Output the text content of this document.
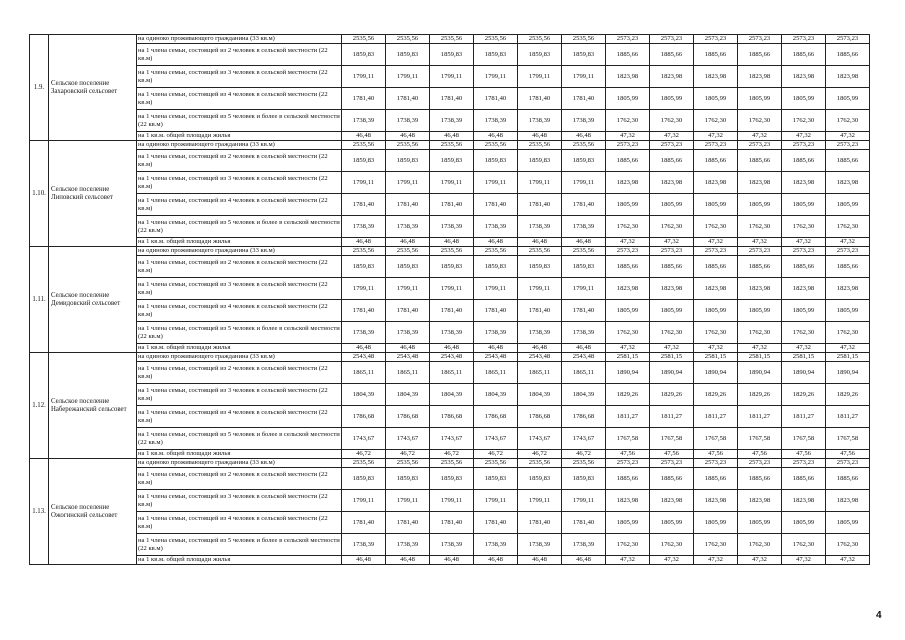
1.9.	Сельское поселение Захаровский сельсовет	на одиноко проживающего гражданина (33 кв.м)	2535,56	2535,56	2535,56	2535,56	2535,56	2535,56	2573,23	2573,23	2573,23	2573,23	2573,23	2573,23
		на 1 члена семьи, состоящей из 2 человек в сельской местности (22 кв.м)	1859,83	1859,83	1859,83	1859,83	1859,83	1859,83	1885,66	1885,66	1885,66	1885,66	1885,66	1885,66
		на 1 члена семьи, состоящей из 3 человек в сельской местности (22 кв.м)	1799,11	1799,11	1799,11	1799,11	1799,11	1799,11	1823,98	1823,98	1823,98	1823,98	1823,98	1823,98
		на 1 члена семьи, состоящей из 4 человек в сельской местности (22 кв.м)	1781,40	1781,40	1781,40	1781,40	1781,40	1781,40	1805,99	1805,99	1805,99	1805,99	1805,99	1805,99
		на 1 члена семьи, состоящей из 5 человек и более в сельской местности (22 кв.м)	1738,39	1738,39	1738,39	1738,39	1738,39	1738,39	1762,30	1762,30	1762,30	1762,30	1762,30	1762,30
		на 1 кв.м. общей площади жилья	46,48	46,48	46,48	46,48	46,48	46,48	47,32	47,32	47,32	47,32	47,32	47,32
1.10.	Сельское поселение Липовский сельсовет	на одиноко проживающего гражданина (33 кв.м)	2535,56	2535,56	2535,56	2535,56	2535,56	2535,56	2573,23	2573,23	2573,23	2573,23	2573,23	2573,23
		на 1 члена семьи, состоящей из 2 человек в сельской местности (22 кв.м)	1859,83	1859,83	1859,83	1859,83	1859,83	1859,83	1885,66	1885,66	1885,66	1885,66	1885,66	1885,66
		на 1 члена семьи, состоящей из 3 человек в сельской местности (22 кв.м)	1799,11	1799,11	1799,11	1799,11	1799,11	1799,11	1823,98	1823,98	1823,98	1823,98	1823,98	1823,98
		на 1 члена семьи, состоящей из 4 человек в сельской местности (22 кв.м)	1781,40	1781,40	1781,40	1781,40	1781,40	1781,40	1805,99	1805,99	1805,99	1805,99	1805,99	1805,99
		на 1 члена семьи, состоящей из 5 человек и более в сельской местности (22 кв.м)	1738,39	1738,39	1738,39	1738,39	1738,39	1738,39	1762,30	1762,30	1762,30	1762,30	1762,30	1762,30
		на 1 кв.м. общей площади жилья	46,48	46,48	46,48	46,48	46,48	46,48	47,32	47,32	47,32	47,32	47,32	47,32
1.11.	Сельское поселение Демидовский сельсовет	на одиноко проживающего гражданина (33 кв.м)	2535,56	2535,56	2535,56	2535,56	2535,56	2535,56	2573,23	2573,23	2573,23	2573,23	2573,23	2573,23
		на 1 члена семьи, состоящей из 2 человек в сельской местности (22 кв.м)	1859,83	1859,83	1859,83	1859,83	1859,83	1859,83	1885,66	1885,66	1885,66	1885,66	1885,66	1885,66
		на 1 члена семьи, состоящей из 3 человек в сельской местности (22 кв.м)	1799,11	1799,11	1799,11	1799,11	1799,11	1799,11	1823,98	1823,98	1823,98	1823,98	1823,98	1823,98
		на 1 члена семьи, состоящей из 4 человек в сельской местности (22 кв.м)	1781,40	1781,40	1781,40	1781,40	1781,40	1781,40	1805,99	1805,99	1805,99	1805,99	1805,99	1805,99
		на 1 члена семьи, состоящей из 5 человек и более в сельской местности (22 кв.м)	1738,39	1738,39	1738,39	1738,39	1738,39	1738,39	1762,30	1762,30	1762,30	1762,30	1762,30	1762,30
		на 1 кв.м. общей площади жилья	46,48	46,48	46,48	46,48	46,48	46,48	47,32	47,32	47,32	47,32	47,32	47,32
1.12.	Сельское поселение Набережанский сельсовет	на одиноко проживающего гражданина (33 кв.м)	2543,48	2543,48	2543,48	2543,48	2543,48	2543,48	2581,15	2581,15	2581,15	2581,15	2581,15	2581,15
		на 1 члена семьи, состоящей из 2 человек в сельской местности (22 кв.м)	1865,11	1865,11	1865,11	1865,11	1865,11	1865,11	1890,94	1890,94	1890,94	1890,94	1890,94	1890,94
		на 1 члена семьи, состоящей из 3 человек в сельской местности (22 кв.м)	1804,39	1804,39	1804,39	1804,39	1804,39	1804,39	1829,26	1829,26	1829,26	1829,26	1829,26	1829,26
		на 1 члена семьи, состоящей из 4 человек в сельской местности (22 кв.м)	1786,68	1786,68	1786,68	1786,68	1786,68	1786,68	1811,27	1811,27	1811,27	1811,27	1811,27	1811,27
		на 1 члена семьи, состоящей из 5 человек и более в сельской местности (22 кв.м)	1743,67	1743,67	1743,67	1743,67	1743,67	1743,67	1767,58	1767,58	1767,58	1767,58	1767,58	1767,58
		на 1 кв.м. общей площади жилья	46,72	46,72	46,72	46,72	46,72	46,72	47,56	47,56	47,56	47,56	47,56	47,56
1.13.	Сельское поселение Ожогинский сельсовет	на одиноко проживающего гражданина (33 кв.м)	2535,56	2535,56	2535,56	2535,56	2535,56	2535,56	2573,23	2573,23	2573,23	2573,23	2573,23	2573,23
		на 1 члена семьи, состоящей из 2 человек в сельской местности (22 кв.м)	1859,83	1859,83	1859,83	1859,83	1859,83	1859,83	1885,66	1885,66	1885,66	1885,66	1885,66	1885,66
		на 1 члена семьи, состоящей из 3 человек в сельской местности (22 кв.м)	1799,11	1799,11	1799,11	1799,11	1799,11	1799,11	1823,98	1823,98	1823,98	1823,98	1823,98	1823,98
		на 1 члена семьи, состоящей из 4 человек в сельской местности (22 кв.м)	1781,40	1781,40	1781,40	1781,40	1781,40	1781,40	1805,99	1805,99	1805,99	1805,99	1805,99	1805,99
		на 1 члена семьи, состоящей из 5 человек и более в сельской местности (22 кв.м)	1738,39	1738,39	1738,39	1738,39	1738,39	1738,39	1762,30	1762,30	1762,30	1762,30	1762,30	1762,30
		на 1 кв.м. общей площади жилья	46,48	46,48	46,48	46,48	46,48	46,48	47,32	47,32	47,32	47,32	47,32	47,32
4
